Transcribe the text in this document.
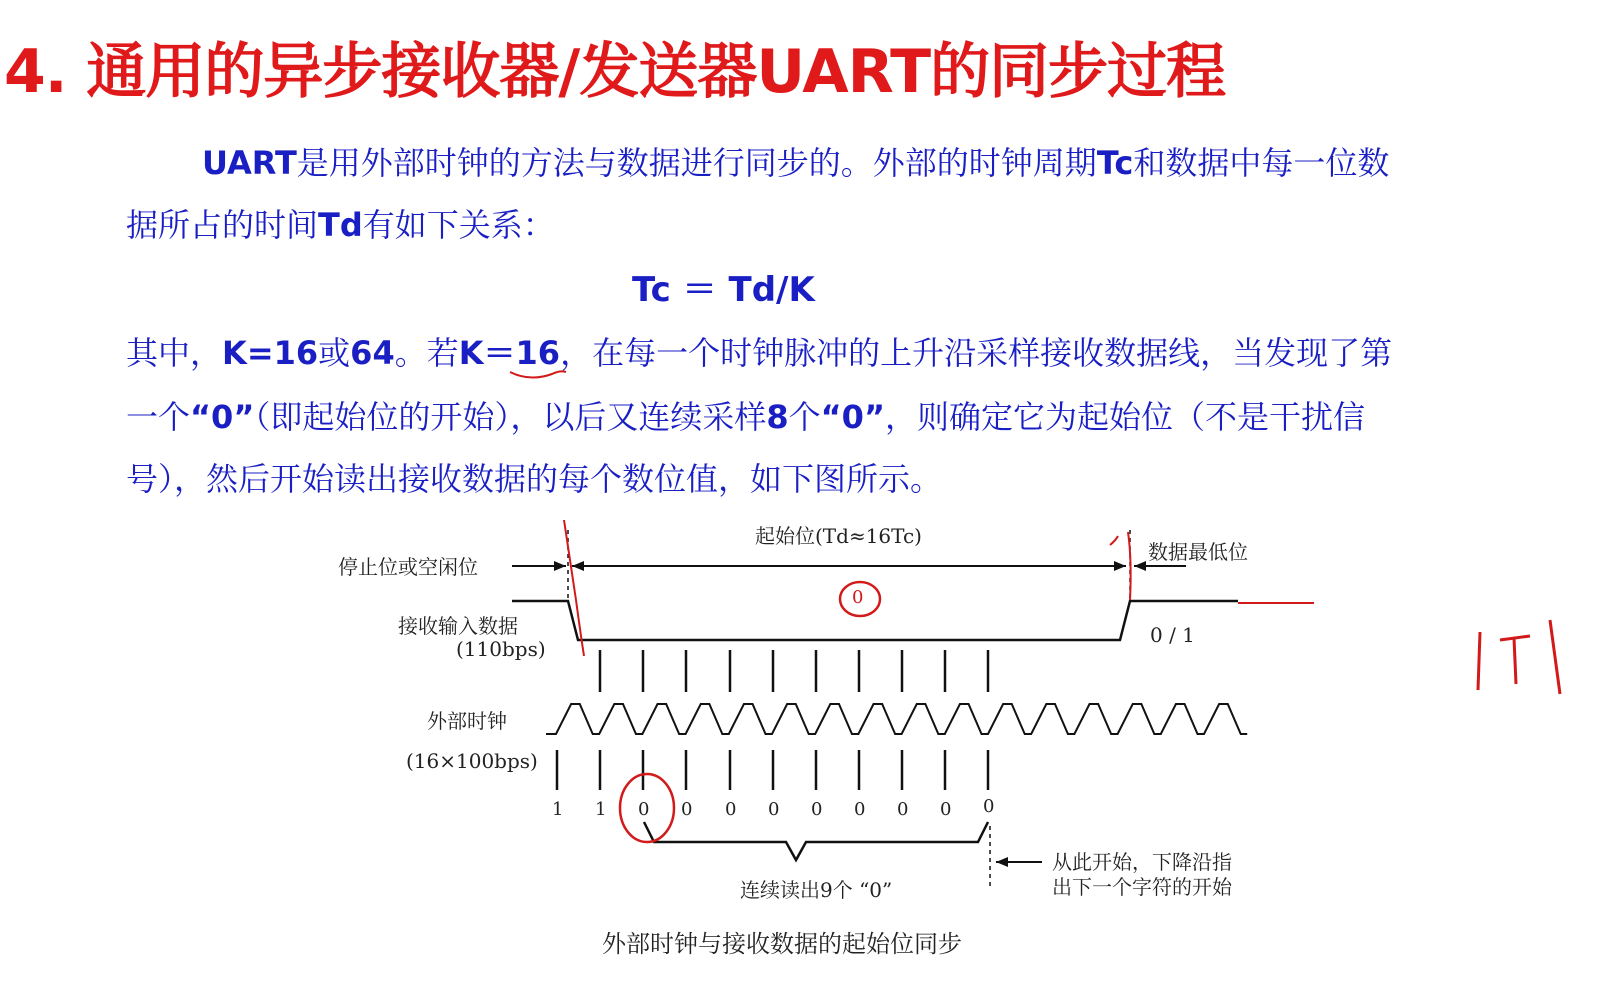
4. 通用的异步接收器/发送器UART的同步过程
UART是用外部时钟的方法与数据进行同步的。外部的时钟周期Tc和数据中每一位数
据所占的时间Td有如下关系：
Tc ＝ Td/K
其中，K=16或64。若K＝16，在每一个时钟脉冲的上升沿采样接收数据线，当发现了第
一个“0”（即起始位的开始），以后又连续采样8个“0”，则确定它为起始位（不是干扰信
号），然后开始读出接收数据的每个数位值，如下图所示。
起始位(Td≈16Tc)
停止位或空闲位
数据最低位
接收输入数据
(110bps)
0
0 / 1
外部时钟
(16×100bps)
1 1 0 0 0 0 0 0 0 0 0
连续读出9个 “0”
从此开始，下降沿指
出下一个字符的开始
外部时钟与接收数据的起始位同步
